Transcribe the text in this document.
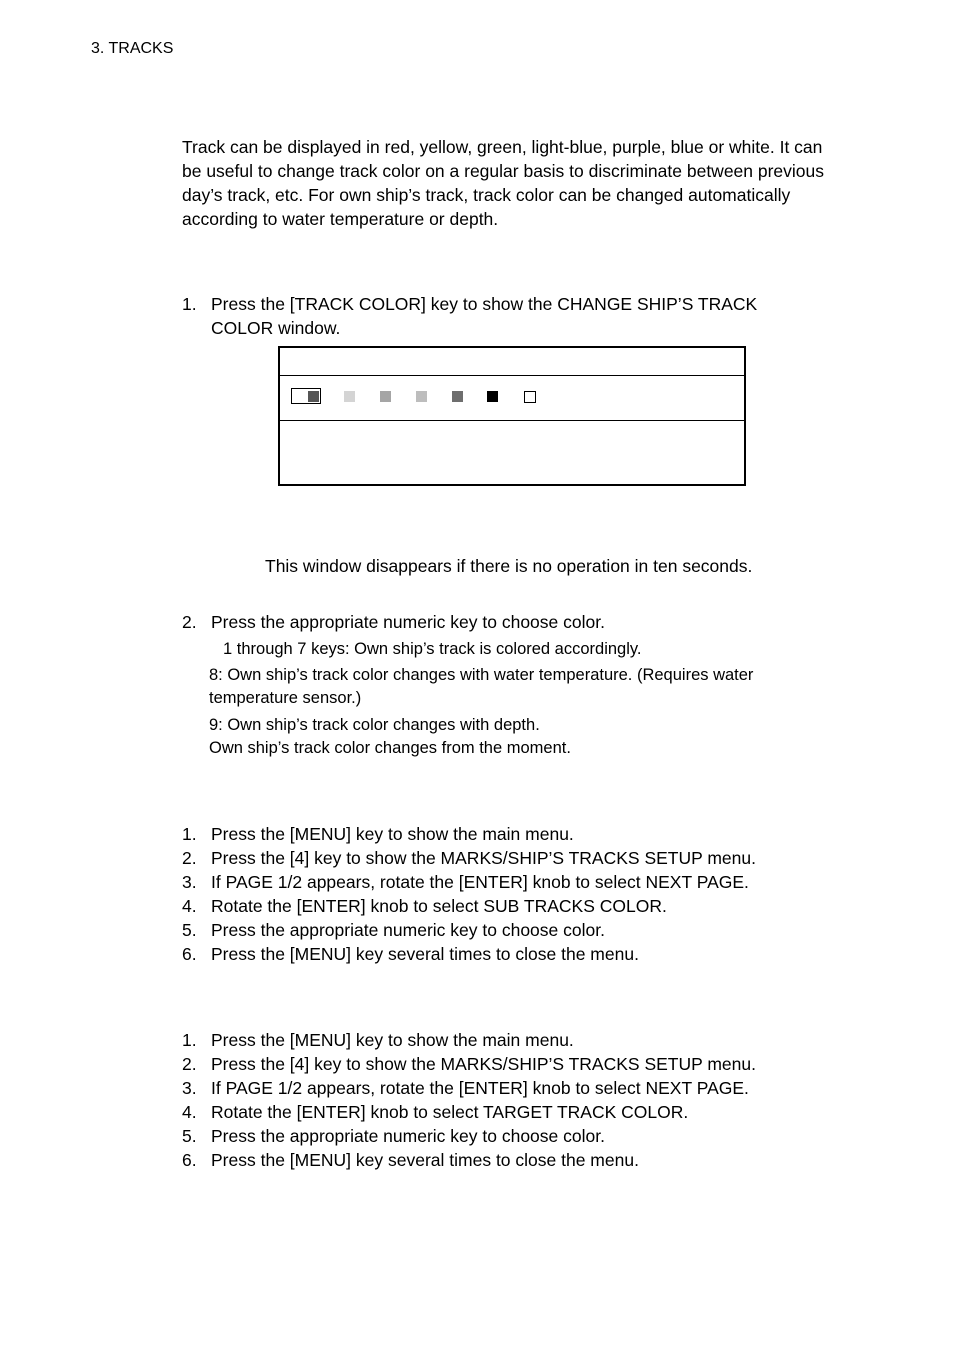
3. TRACKS
Track can be displayed in red, yellow, green, light-blue, purple, blue or white. It can be useful to change track color on a regular basis to discriminate between previous day’s track, etc. For own ship’s track, track color can be changed automatically according to water temperature or depth.
1. Press the [TRACK COLOR] key to show the CHANGE SHIP’S TRACK COLOR window.
This window disappears if there is no operation in ten seconds.
2. Press the appropriate numeric key to choose color.
1 through 7 keys: Own ship’s track is colored accordingly.
8: Own ship’s track color changes with water temperature. (Requires water temperature sensor.)
9: Own ship’s track color changes with depth.
Own ship’s track color changes from the moment.
1. Press the [MENU] key to show the main menu.
2. Press the [4] key to show the MARKS/SHIP’S TRACKS SETUP menu.
3. If PAGE 1/2 appears, rotate the [ENTER] knob to select NEXT PAGE.
4. Rotate the [ENTER] knob to select SUB TRACKS COLOR.
5. Press the appropriate numeric key to choose color.
6. Press the [MENU] key several times to close the menu.
1. Press the [MENU] key to show the main menu.
2. Press the [4] key to show the MARKS/SHIP’S TRACKS SETUP menu.
3. If PAGE 1/2 appears, rotate the [ENTER] knob to select NEXT PAGE.
4. Rotate the [ENTER] knob to select TARGET TRACK COLOR.
5. Press the appropriate numeric key to choose color.
6. Press the [MENU] key several times to close the menu.
